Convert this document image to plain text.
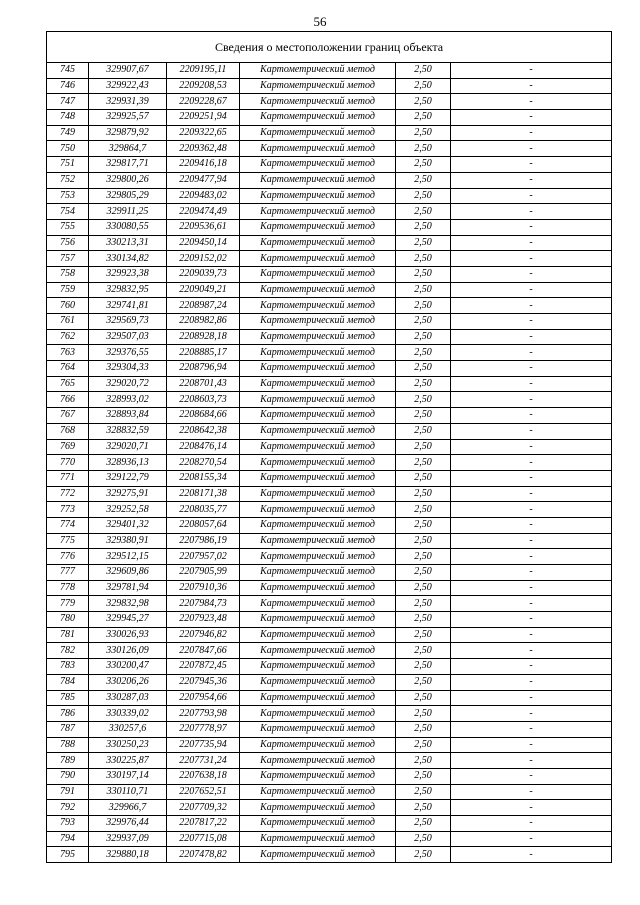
56
Сведения о местоположении границ объекта					
745	329907,67	2209195,11	Картометрический метод	2,50	-
746	329922,43	2209208,53	Картометрический метод	2,50	-
747	329931,39	2209228,67	Картометрический метод	2,50	-
748	329925,57	2209251,94	Картометрический метод	2,50	-
749	329879,92	2209322,65	Картометрический метод	2,50	-
750	329864,7	2209362,48	Картометрический метод	2,50	-
751	329817,71	2209416,18	Картометрический метод	2,50	-
752	329800,26	2209477,94	Картометрический метод	2,50	-
753	329805,29	2209483,02	Картометрический метод	2,50	-
754	329911,25	2209474,49	Картометрический метод	2,50	-
755	330080,55	2209536,61	Картометрический метод	2,50	-
756	330213,31	2209450,14	Картометрический метод	2,50	-
757	330134,82	2209152,02	Картометрический метод	2,50	-
758	329923,38	2209039,73	Картометрический метод	2,50	-
759	329832,95	2209049,21	Картометрический метод	2,50	-
760	329741,81	2208987,24	Картометрический метод	2,50	-
761	329569,73	2208982,86	Картометрический метод	2,50	-
762	329507,03	2208928,18	Картометрический метод	2,50	-
763	329376,55	2208885,17	Картометрический метод	2,50	-
764	329304,33	2208796,94	Картометрический метод	2,50	-
765	329020,72	2208701,43	Картометрический метод	2,50	-
766	328993,02	2208603,73	Картометрический метод	2,50	-
767	328893,84	2208684,66	Картометрический метод	2,50	-
768	328832,59	2208642,38	Картометрический метод	2,50	-
769	329020,71	2208476,14	Картометрический метод	2,50	-
770	328936,13	2208270,54	Картометрический метод	2,50	-
771	329122,79	2208155,34	Картометрический метод	2,50	-
772	329275,91	2208171,38	Картометрический метод	2,50	-
773	329252,58	2208035,77	Картометрический метод	2,50	-
774	329401,32	2208057,64	Картометрический метод	2,50	-
775	329380,91	2207986,19	Картометрический метод	2,50	-
776	329512,15	2207957,02	Картометрический метод	2,50	-
777	329609,86	2207905,99	Картометрический метод	2,50	-
778	329781,94	2207910,36	Картометрический метод	2,50	-
779	329832,98	2207984,73	Картометрический метод	2,50	-
780	329945,27	2207923,48	Картометрический метод	2,50	-
781	330026,93	2207946,82	Картометрический метод	2,50	-
782	330126,09	2207847,66	Картометрический метод	2,50	-
783	330200,47	2207872,45	Картометрический метод	2,50	-
784	330206,26	2207945,36	Картометрический метод	2,50	-
785	330287,03	2207954,66	Картометрический метод	2,50	-
786	330339,02	2207793,98	Картометрический метод	2,50	-
787	330257,6	2207778,97	Картометрический метод	2,50	-
788	330250,23	2207735,94	Картометрический метод	2,50	-
789	330225,87	2207731,24	Картометрический метод	2,50	-
790	330197,14	2207638,18	Картометрический метод	2,50	-
791	330110,71	2207652,51	Картометрический метод	2,50	-
792	329966,7	2207709,32	Картометрический метод	2,50	-
793	329976,44	2207817,22	Картометрический метод	2,50	-
794	329937,09	2207715,08	Картометрический метод	2,50	-
795	329880,18	2207478,82	Картометрический метод	2,50	-
